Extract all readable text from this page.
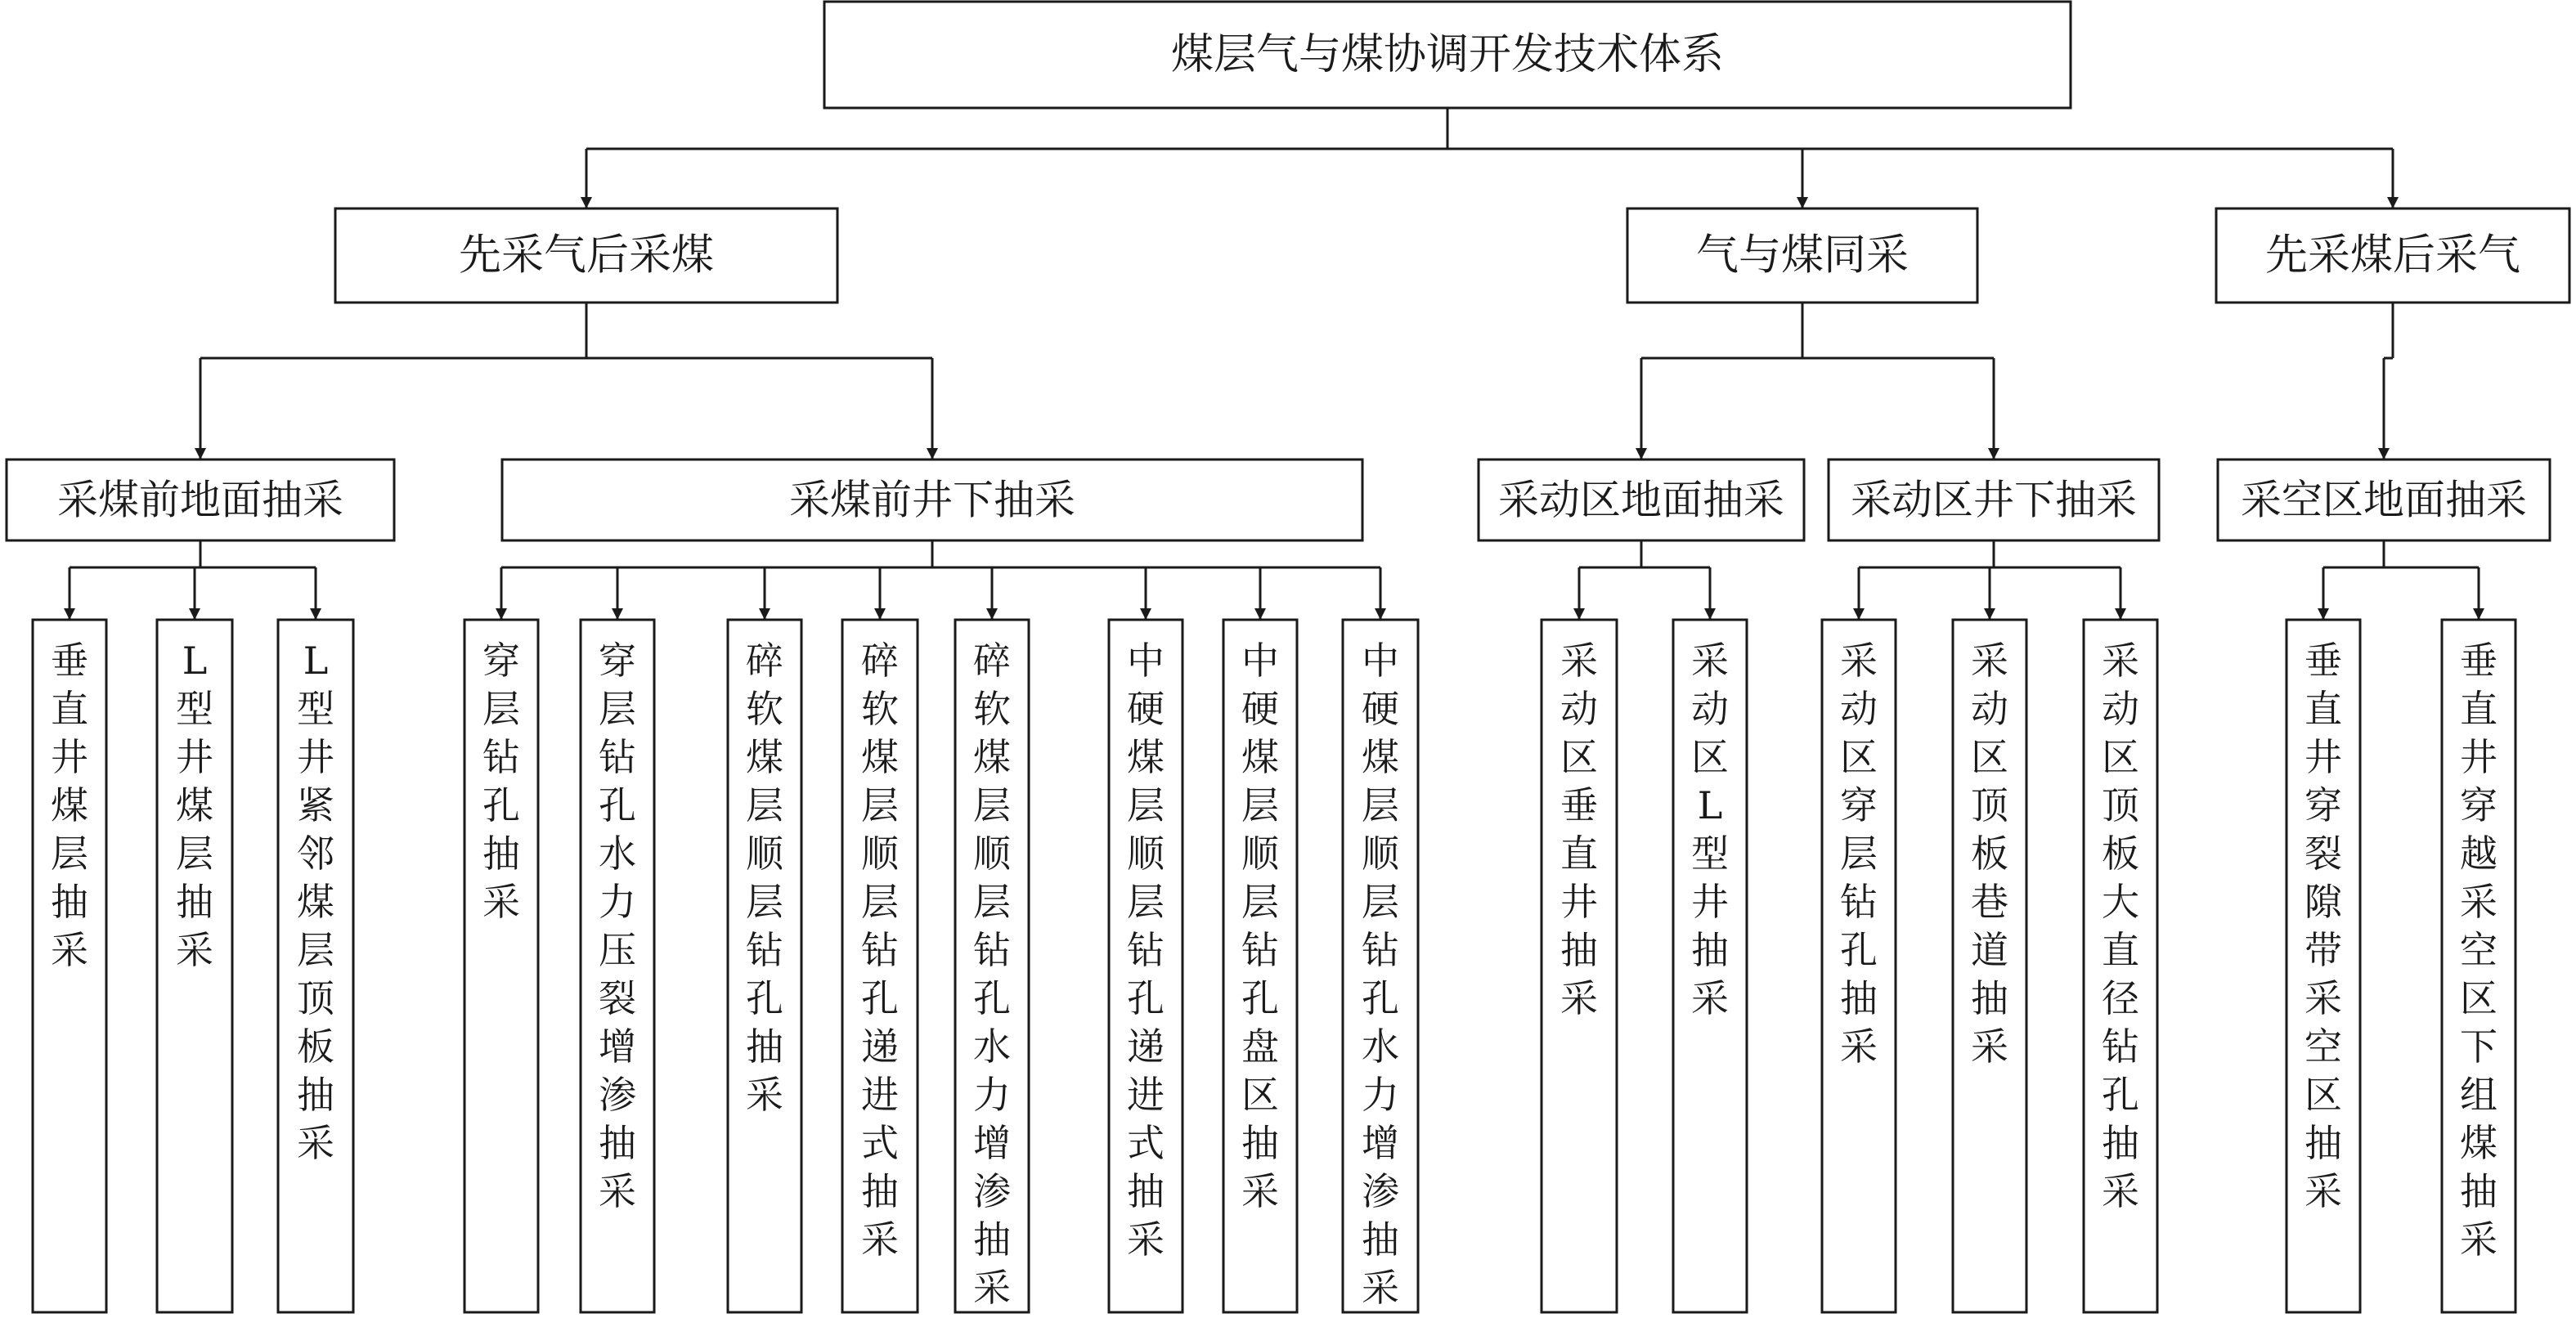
煤层气与煤协调开发技术体系
先采气后采煤
采煤前地面抽采
垂直井煤层抽采
L 型井煤层抽采
L 型井紧邻煤层顶板抽采
采煤前井下抽采
穿层钻孔抽采
穿层钻孔水力压裂增渗抽采
碎软煤层顺层钻孔抽采
碎软煤层顺层钻孔递进式抽采
碎软煤层顺层钻孔水力增渗抽采
中硬煤层顺层钻孔递进式抽采
中硬煤层顺层钻孔盘区抽采
中硬煤层顺层钻孔水力增渗抽采
气与煤同采
采动区地面抽采
采动区垂直井抽采
采动区 L 型井抽采
采动区井下抽采
采动区穿层钻孔抽采
采动区顶板巷道抽采
采动区顶板大直径钻孔抽采
先采煤后采气
采空区地面抽采
垂直井穿裂隙带采空区抽采
垂直井穿越采空区下组煤抽采
